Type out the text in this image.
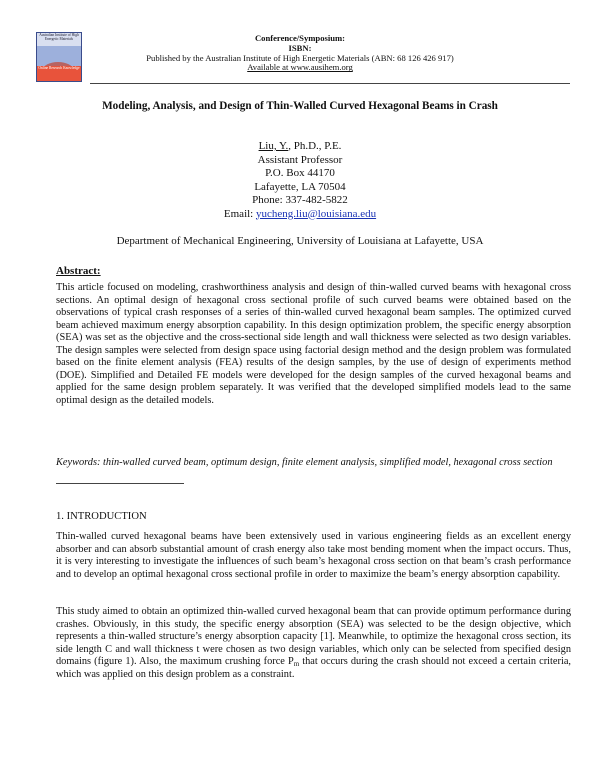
Australian Institute of High Energetic Materials
Online Research Knowledge
Conference/Symposium:
ISBN:
Published by the Australian Institute of High Energetic Materials (ABN: 68 126 426 917)
Available at www.ausihem.org
Modeling, Analysis, and Design of Thin-Walled Curved Hexagonal Beams in Crash
Liu, Y., Ph.D., P.E.
Assistant Professor
P.O. Box 44170
Lafayette, LA 70504
Phone: 337-482-5822
Email: yucheng.liu@louisiana.edu
Department of Mechanical Engineering, University of Louisiana at Lafayette, USA
Abstract:

This article focused on modeling, crashworthiness analysis and design of thin-walled curved beams with hexagonal cross sections. An optimal design of hexagonal cross sectional profile of such curved beams were obtained based on the observations of typical crash responses of a series of thin-walled curved hexagonal beam samples. The optimized curved beam achieved maximum energy absorption capability. In this design optimization problem, the specific energy absorption (SEA) was set as the objective and the cross-sectional side length and wall thickness were selected as two design variables. The design samples were selected from design space using factorial design method and the design problem was formulated based on the finite element analysis (FEA) results of the design samples, by the use of design of experiments method (DOE). Simplified and Detailed FE models were developed for the design samples of the curved hexagonal beams and applied for the same design problem separately. It was verified that the developed simplified models lead to the same optimal design as the detailed models.

Keywords: thin-walled curved beam, optimum design, finite element analysis, simplified model, hexagonal cross section

1. INTRODUCTION

Thin-walled curved hexagonal beams have been extensively used in various engineering fields as an excellent energy absorber and can absorb substantial amount of crash energy also take most bending moment when the impact occurs. Thus, it is very interesting to investigate the influences of such beam’s hexagonal cross section on that beam’s crash performance and to develop an optimal hexagonal cross sectional profile in order to maximize the beam’s energy absorption capability.

This study aimed to obtain an optimized thin-walled curved hexagonal beam that can provide optimum performance during crashes. Obviously, in this study, the specific energy absorption (SEA) was selected to be the design objective, which represents a thin-walled structure’s energy absorption capacity [1]. Meanwhile, to optimize the hexagonal cross section, its side length C and wall thickness t were chosen as two design variables, which only can be selected from specified design domains (figure 1). Also, the maximum crushing force $P_m$ that occurs during the crash should not exceed a certain criteria, which was applied on this design problem as a constraint.
